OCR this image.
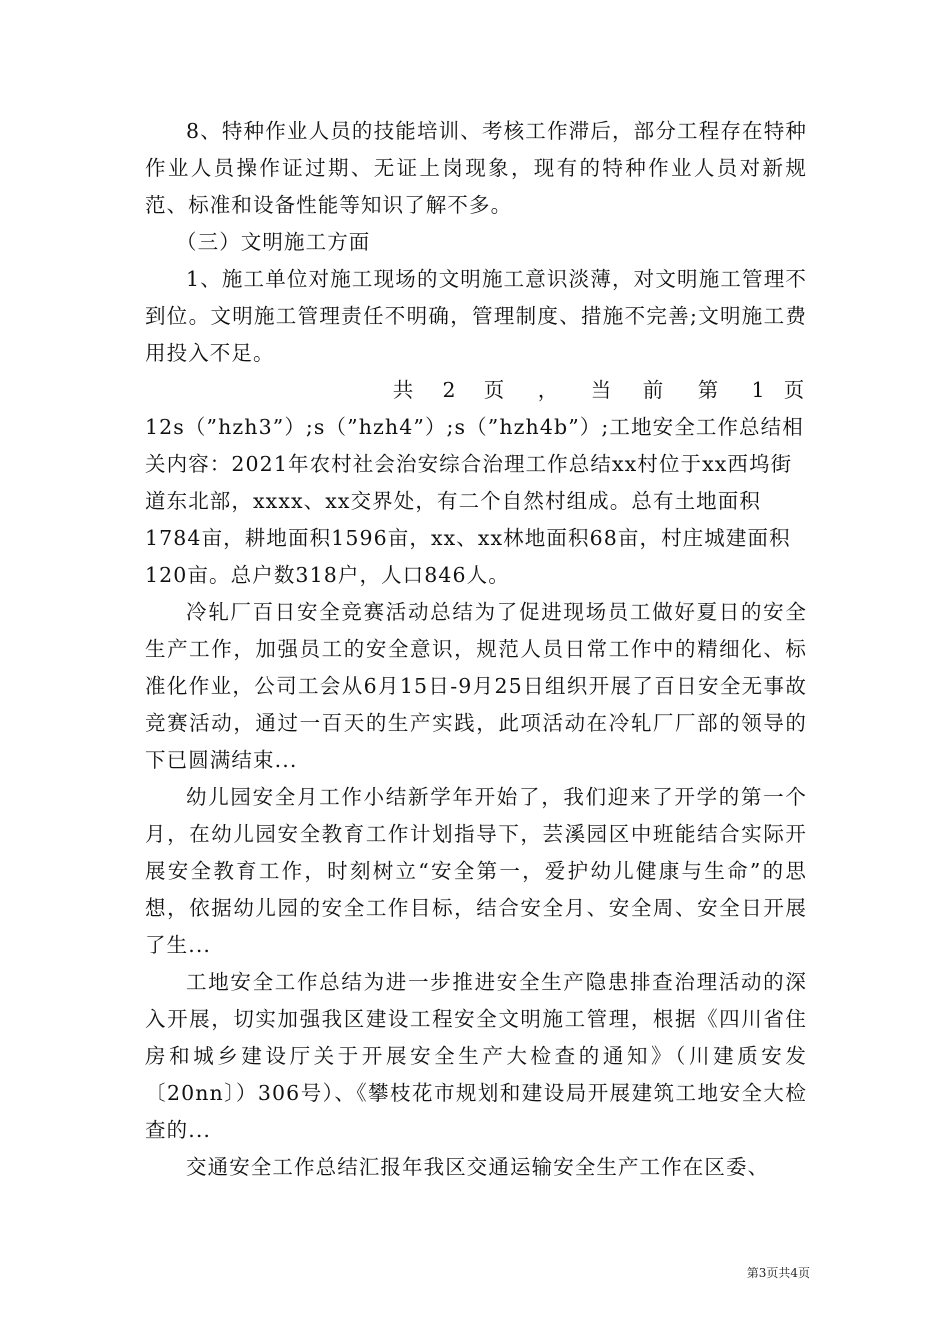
8、特种作业人员的技能培训、考核工作滞后，部分工程存在特种作业人员操作证过期、无证上岗现象，现有的特种作业人员对新规范、标准和设备性能等知识了解不多。

（三）文明施工方面

1、施工单位对施工现场的文明施工意识淡薄，对文明施工管理不到位。文明施工管理责任不明确，管理制度、措施不完善;文明施工费用投入不足。

共	2	页	，	当	前	第	1 页

12s（”hzh3”）;s（”hzh4”）;s（”hzh4b”）;工地安全工作总结相关内容：2021年农村社会治安综合治理工作总结xx村位于xx西坞街道东北部，xxxx、xx交界处，有二个自然村组成。总有土地面积1784亩，耕地面积1596亩，xx、xx林地面积68亩，村庄城建面积120亩。总户数318户，人口846人。

冷轧厂百日安全竞赛活动总结为了促进现场员工做好夏日的安全生产工作，加强员工的安全意识，规范人员日常工作中的精细化、标准化作业，公司工会从6月15日-9月25日组织开展了百日安全无事故竞赛活动，通过一百天的生产实践，此项活动在冷轧厂厂部的领导的下已圆满结束...

幼儿园安全月工作小结新学年开始了，我们迎来了开学的第一个月，在幼儿园安全教育工作计划指导下，芸溪园区中班能结合实际开展安全教育工作，时刻树立“安全第一，爱护幼儿健康与生命”的思想，依据幼儿园的安全工作目标，结合安全月、安全周、安全日开展了生...

工地安全工作总结为进一步推进安全生产隐患排查治理活动的深入开展，切实加强我区建设工程安全文明施工管理，根据《四川省住房和城乡建设厅关于开展安全生产大检查的通知》（川建质安发〔20nn〕）306号）、《攀枝花市规划和建设局开展建筑工地安全大检查的...

交通安全工作总结汇报年我区交通运输安全生产工作在区委、

第3页共4页
